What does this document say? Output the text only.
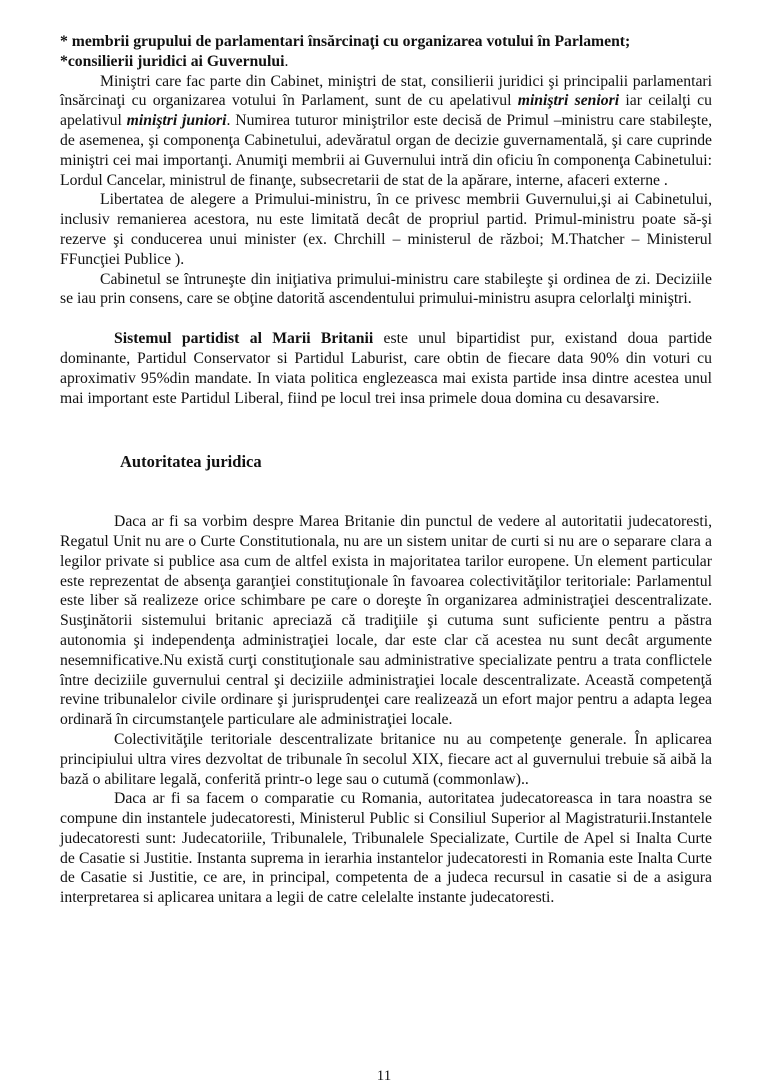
* membrii grupului de parlamentari însărcinaţi cu organizarea votului în Parlament;

*consilierii juridici ai Guvernului.

Miniştri care fac parte din Cabinet, miniştri de stat, consilierii juridici şi principalii parlamentari însărcinaţi cu organizarea votului în Parlament, sunt de cu apelativul miniştri seniori iar ceilalţi cu apelativul miniştri juniori. Numirea tuturor miniştrilor este decisă de Primul –ministru care stabileşte, de asemenea, şi componenţa Cabinetului, adevăratul organ de decizie guvernamentală, şi care cuprinde miniştri cei mai importanţi. Anumiţi membrii ai Guvernului intră din oficiu în componenţa Cabinetului: Lordul Cancelar, ministrul de finanţe, subsecretarii de stat de la apărare, interne, afaceri externe .

Libertatea de alegere a Primului-ministru, în ce privesc membrii Guvernului,şi ai Cabinetului, inclusiv remanierea acestora, nu este limitată decât de propriul partid. Primul-ministru poate să-şi rezerve şi conducerea unui minister (ex. Chrchill – ministerul de război; M.Thatcher – Ministerul FFuncţiei Publice ).

Cabinetul se întruneşte din iniţiativa primului-ministru care stabileşte şi ordinea de zi. Deciziile se iau prin consens, care se obţine datorită ascendentului primului-ministru asupra celorlalţi miniştri.

Sistemul partidist al Marii Britanii este unul bipartidist pur, existand doua partide dominante, Partidul Conservator si Partidul Laburist, care obtin de fiecare data 90% din voturi cu aproximativ 95%din mandate. In viata politica englezeasca mai exista partide insa dintre acestea unul mai important este Partidul Liberal, fiind pe locul trei insa primele doua domina cu desavarsire.

Autoritatea juridica

Daca ar fi sa vorbim despre Marea Britanie din punctul de vedere al autoritatii judecatoresti, Regatul Unit nu are o Curte Constitutionala, nu are un sistem unitar de curti si nu are o separare clara a legilor private si publice asa cum de altfel exista in majoritatea tarilor europene. Un element particular este reprezentat de absenţa garanţiei constituţionale în favoarea colectivităţilor teritoriale: Parlamentul este liber să realizeze orice schimbare pe care o doreşte în organizarea administraţiei descentralizate. Susţinătorii sistemului britanic apreciază că tradiţiile şi cutuma sunt suficiente pentru a păstra autonomia şi independenţa administraţiei locale, dar este clar că acestea nu sunt decât argumente nesemnificative.Nu există curţi constituţionale sau administrative specializate pentru a trata conflictele între deciziile guvernului central şi deciziile administraţiei locale descentralizate. Această competenţă revine tribunalelor civile ordinare şi jurisprudenţei care realizează un efort major pentru a adapta legea ordinară în circumstanţele particulare ale administraţiei locale.

Colectivităţile teritoriale descentralizate britanice nu au competenţe generale. În aplicarea principiului ultra vires dezvoltat de tribunale în secolul XIX, fiecare act al guvernului trebuie să aibă la bază o abilitare legală, conferită printr-o lege sau o cutumă (commonlaw)..

Daca ar fi sa facem o comparatie cu Romania, autoritatea judecatoreasca in tara noastra se compune din instantele judecatoresti, Ministerul Public si Consiliul Superior al Magistraturii.Instantele judecatoresti sunt: Judecatoriile, Tribunalele, Tribunalele Specializate, Curtile de Apel si Inalta Curte de Casatie si Justitie. Instanta suprema in ierarhia instantelor judecatoresti in Romania este Inalta Curte de Casatie si Justitie, ce are, in principal, competenta de a judeca recursul in casatie si de a asigura interpretarea si aplicarea unitara a legii de catre celelalte instante judecatoresti.

11
